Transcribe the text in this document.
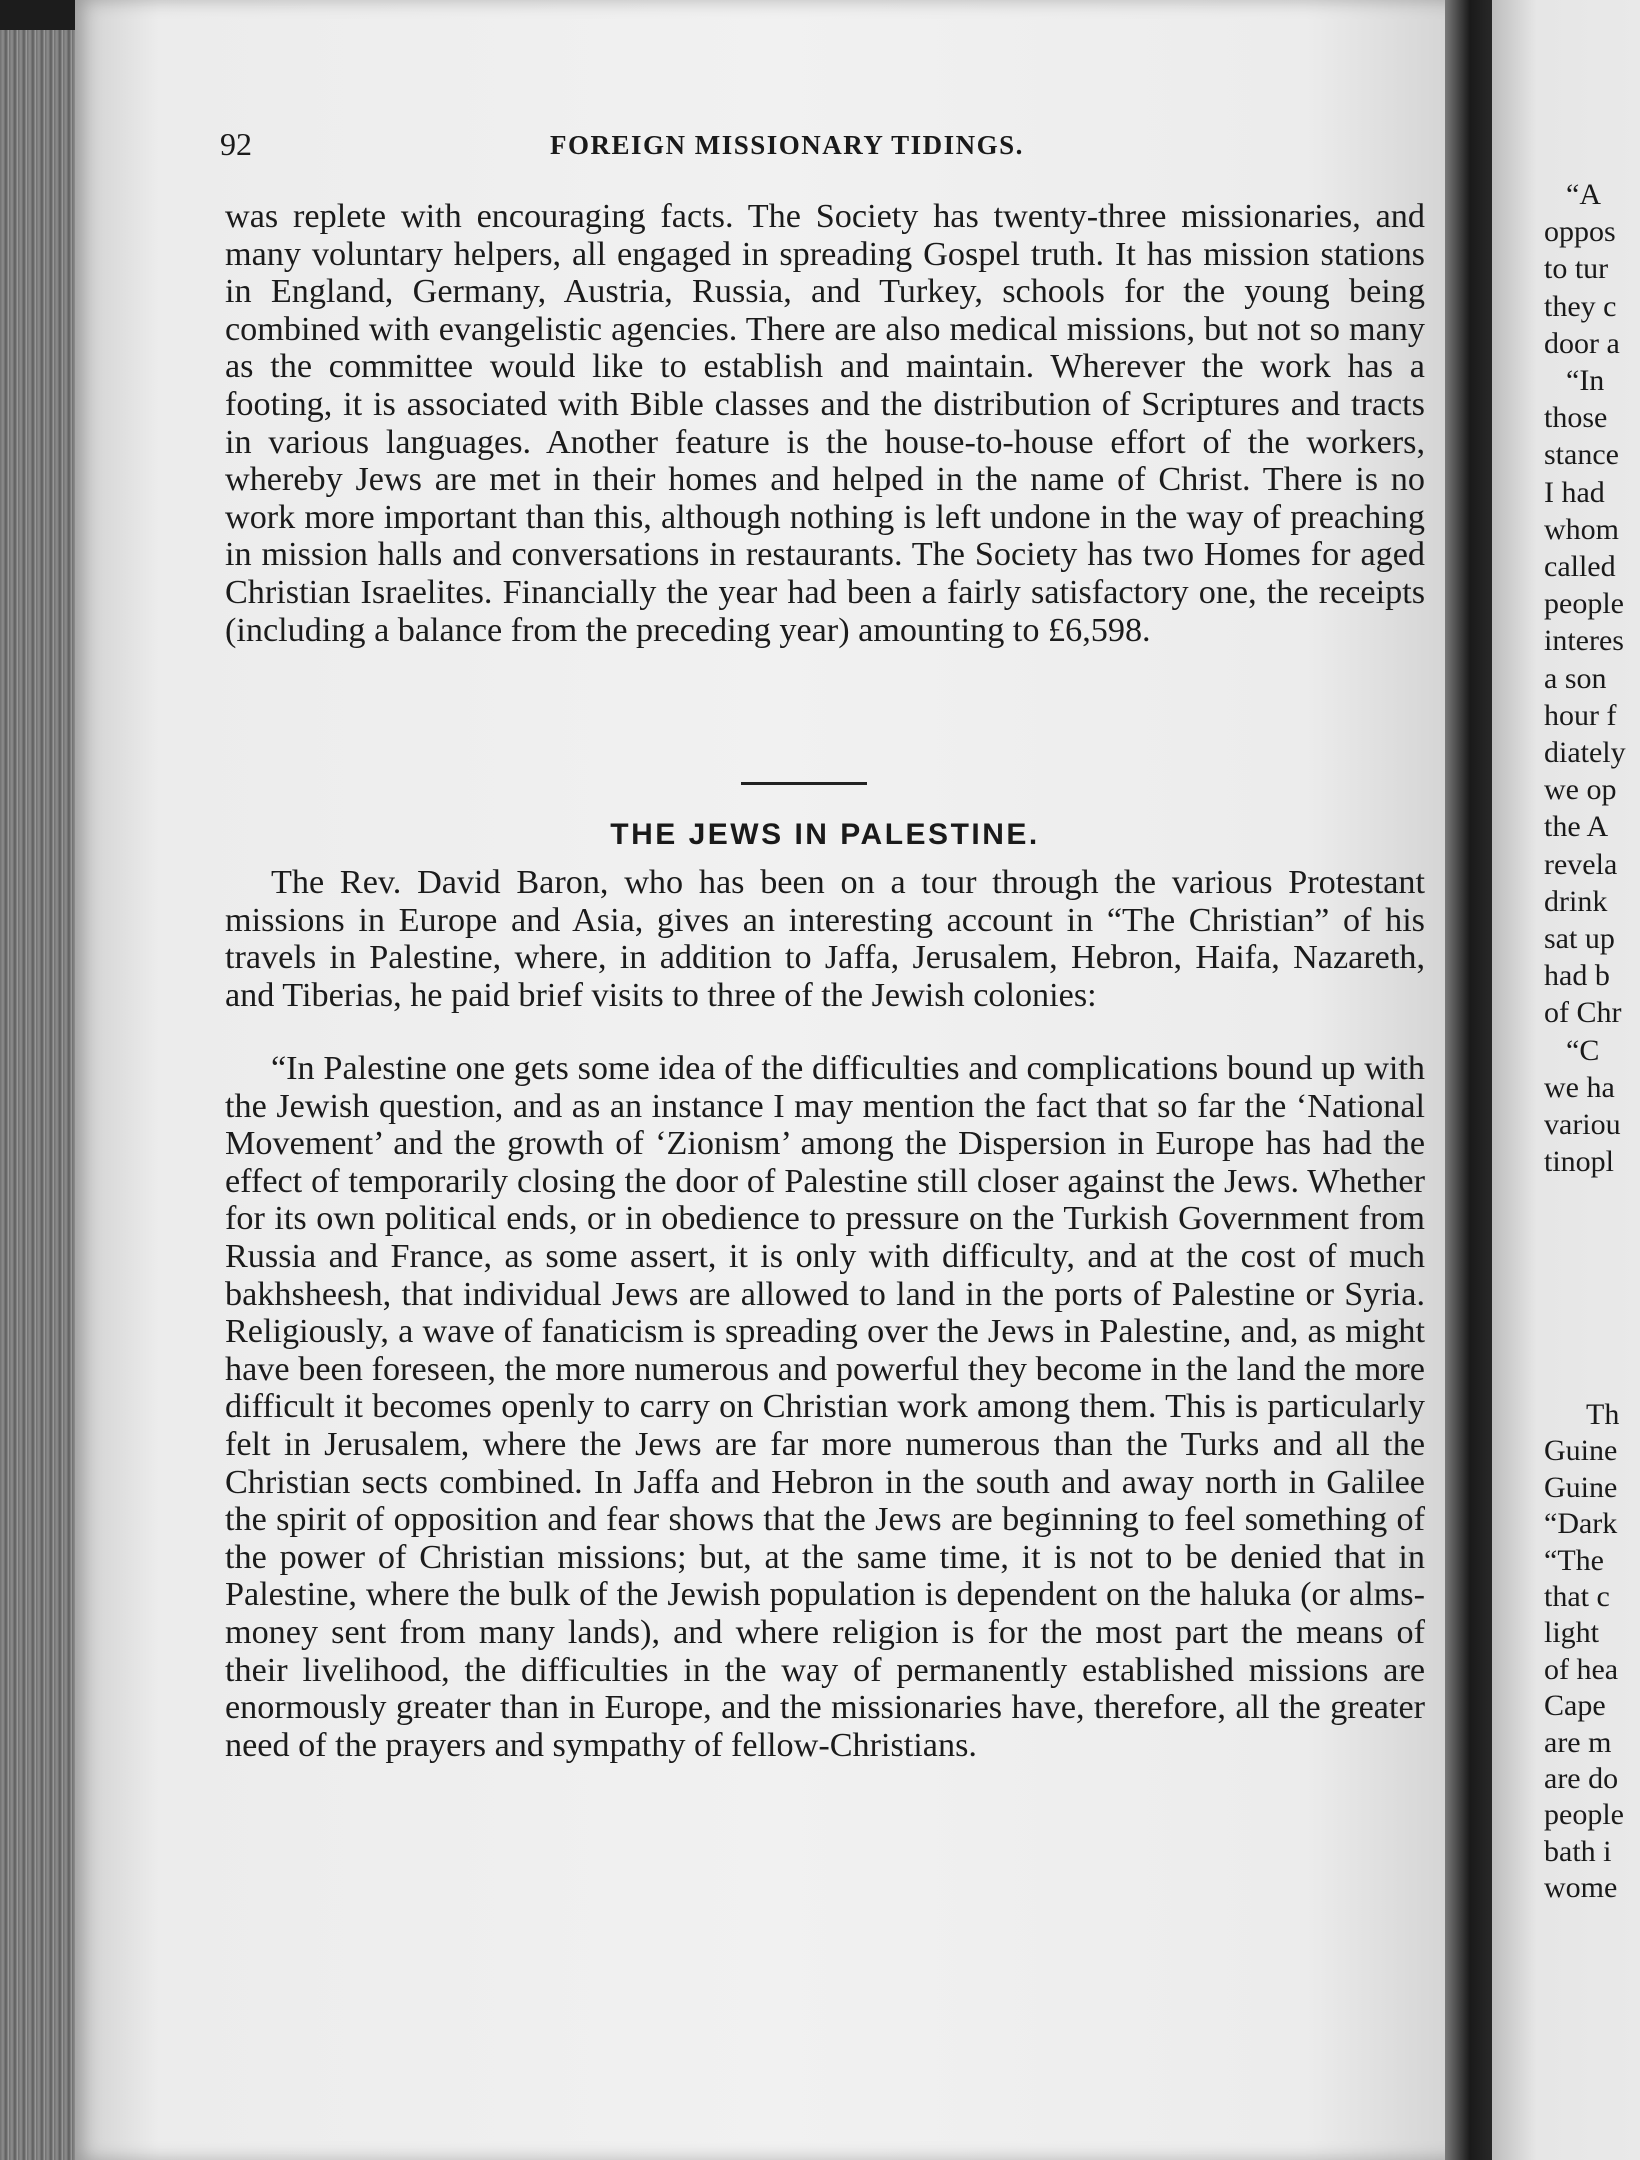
92	FOREIGN MISSIONARY TIDINGS.

was replete with encouraging facts. The Society has twenty-three missionaries, and many voluntary helpers, all engaged in spreading Gospel truth. It has mission stations in England, Germany, Austria, Russia, and Turkey, schools for the young being combined with evangelistic agencies. There are also medical missions, but not so many as the committee would like to establish and maintain. Wherever the work has a footing, it is associated with Bible classes and the distribution of Scriptures and tracts in various languages. Another feature is the house-to-house effort of the workers, whereby Jews are met in their homes and helped in the name of Christ. There is no work more important than this, although nothing is left undone in the way of preaching in mission halls and conversations in restaurants. The Society has two Homes for aged Christian Israelites. Financially the year had been a fairly satisfactory one, the receipts (including a balance from the preceding year) amounting to £6,598.

THE JEWS IN PALESTINE.

The Rev. David Baron, who has been on a tour through the various Protestant missions in Europe and Asia, gives an interesting account in “The Christian” of his travels in Palestine, where, in addition to Jaffa, Jerusalem, Hebron, Haifa, Nazareth, and Tiberias, he paid brief visits to three of the Jewish colonies:

“In Palestine one gets some idea of the difficulties and complications bound up with the Jewish question, and as an instance I may mention the fact that so far the ‘National Movement’ and the growth of ‘Zionism’ among the Dispersion in Europe has had the effect of temporarily closing the door of Palestine still closer against the Jews. Whether for its own political ends, or in obedience to pressure on the Turkish Government from Russia and France, as some assert, it is only with difficulty, and at the cost of much bakhsheesh, that individual Jews are allowed to land in the ports of Palestine or Syria. Religiously, a wave of fanaticism is spreading over the Jews in Palestine, and, as might have been foreseen, the more numerous and powerful they become in the land the more difficult it becomes openly to carry on Christian work among them. This is particularly felt in Jerusalem, where the Jews are far more numerous than the Turks and all the Christian sects combined. In Jaffa and Hebron in the south and away north in Galilee the spirit of opposition and fear shows that the Jews are beginning to feel something of the power of Christian missions; but, at the same time, it is not to be denied that in Palestine, where the bulk of the Jewish population is dependent on the haluka (or alms-money sent from many lands), and where religion is for the most part the means of their livelihood, the difficulties in the way of permanently established missions are enormously greater than in Europe, and the missionaries have, therefore, all the greater need of the prayers and sympathy of fellow-Christians.

“A
oppos
to tur
they c
door a
“In
those
stance
I had
whom
called
people
interes
a son
hour f
diately
we op
the A
revela
drink
sat up
had b
of Chr
“C
we ha
variou
tinopl
Th
Guine
Guine
“Dark
“The
that c
light
of hea
Cape
are m
are do
people
bath i
wome
